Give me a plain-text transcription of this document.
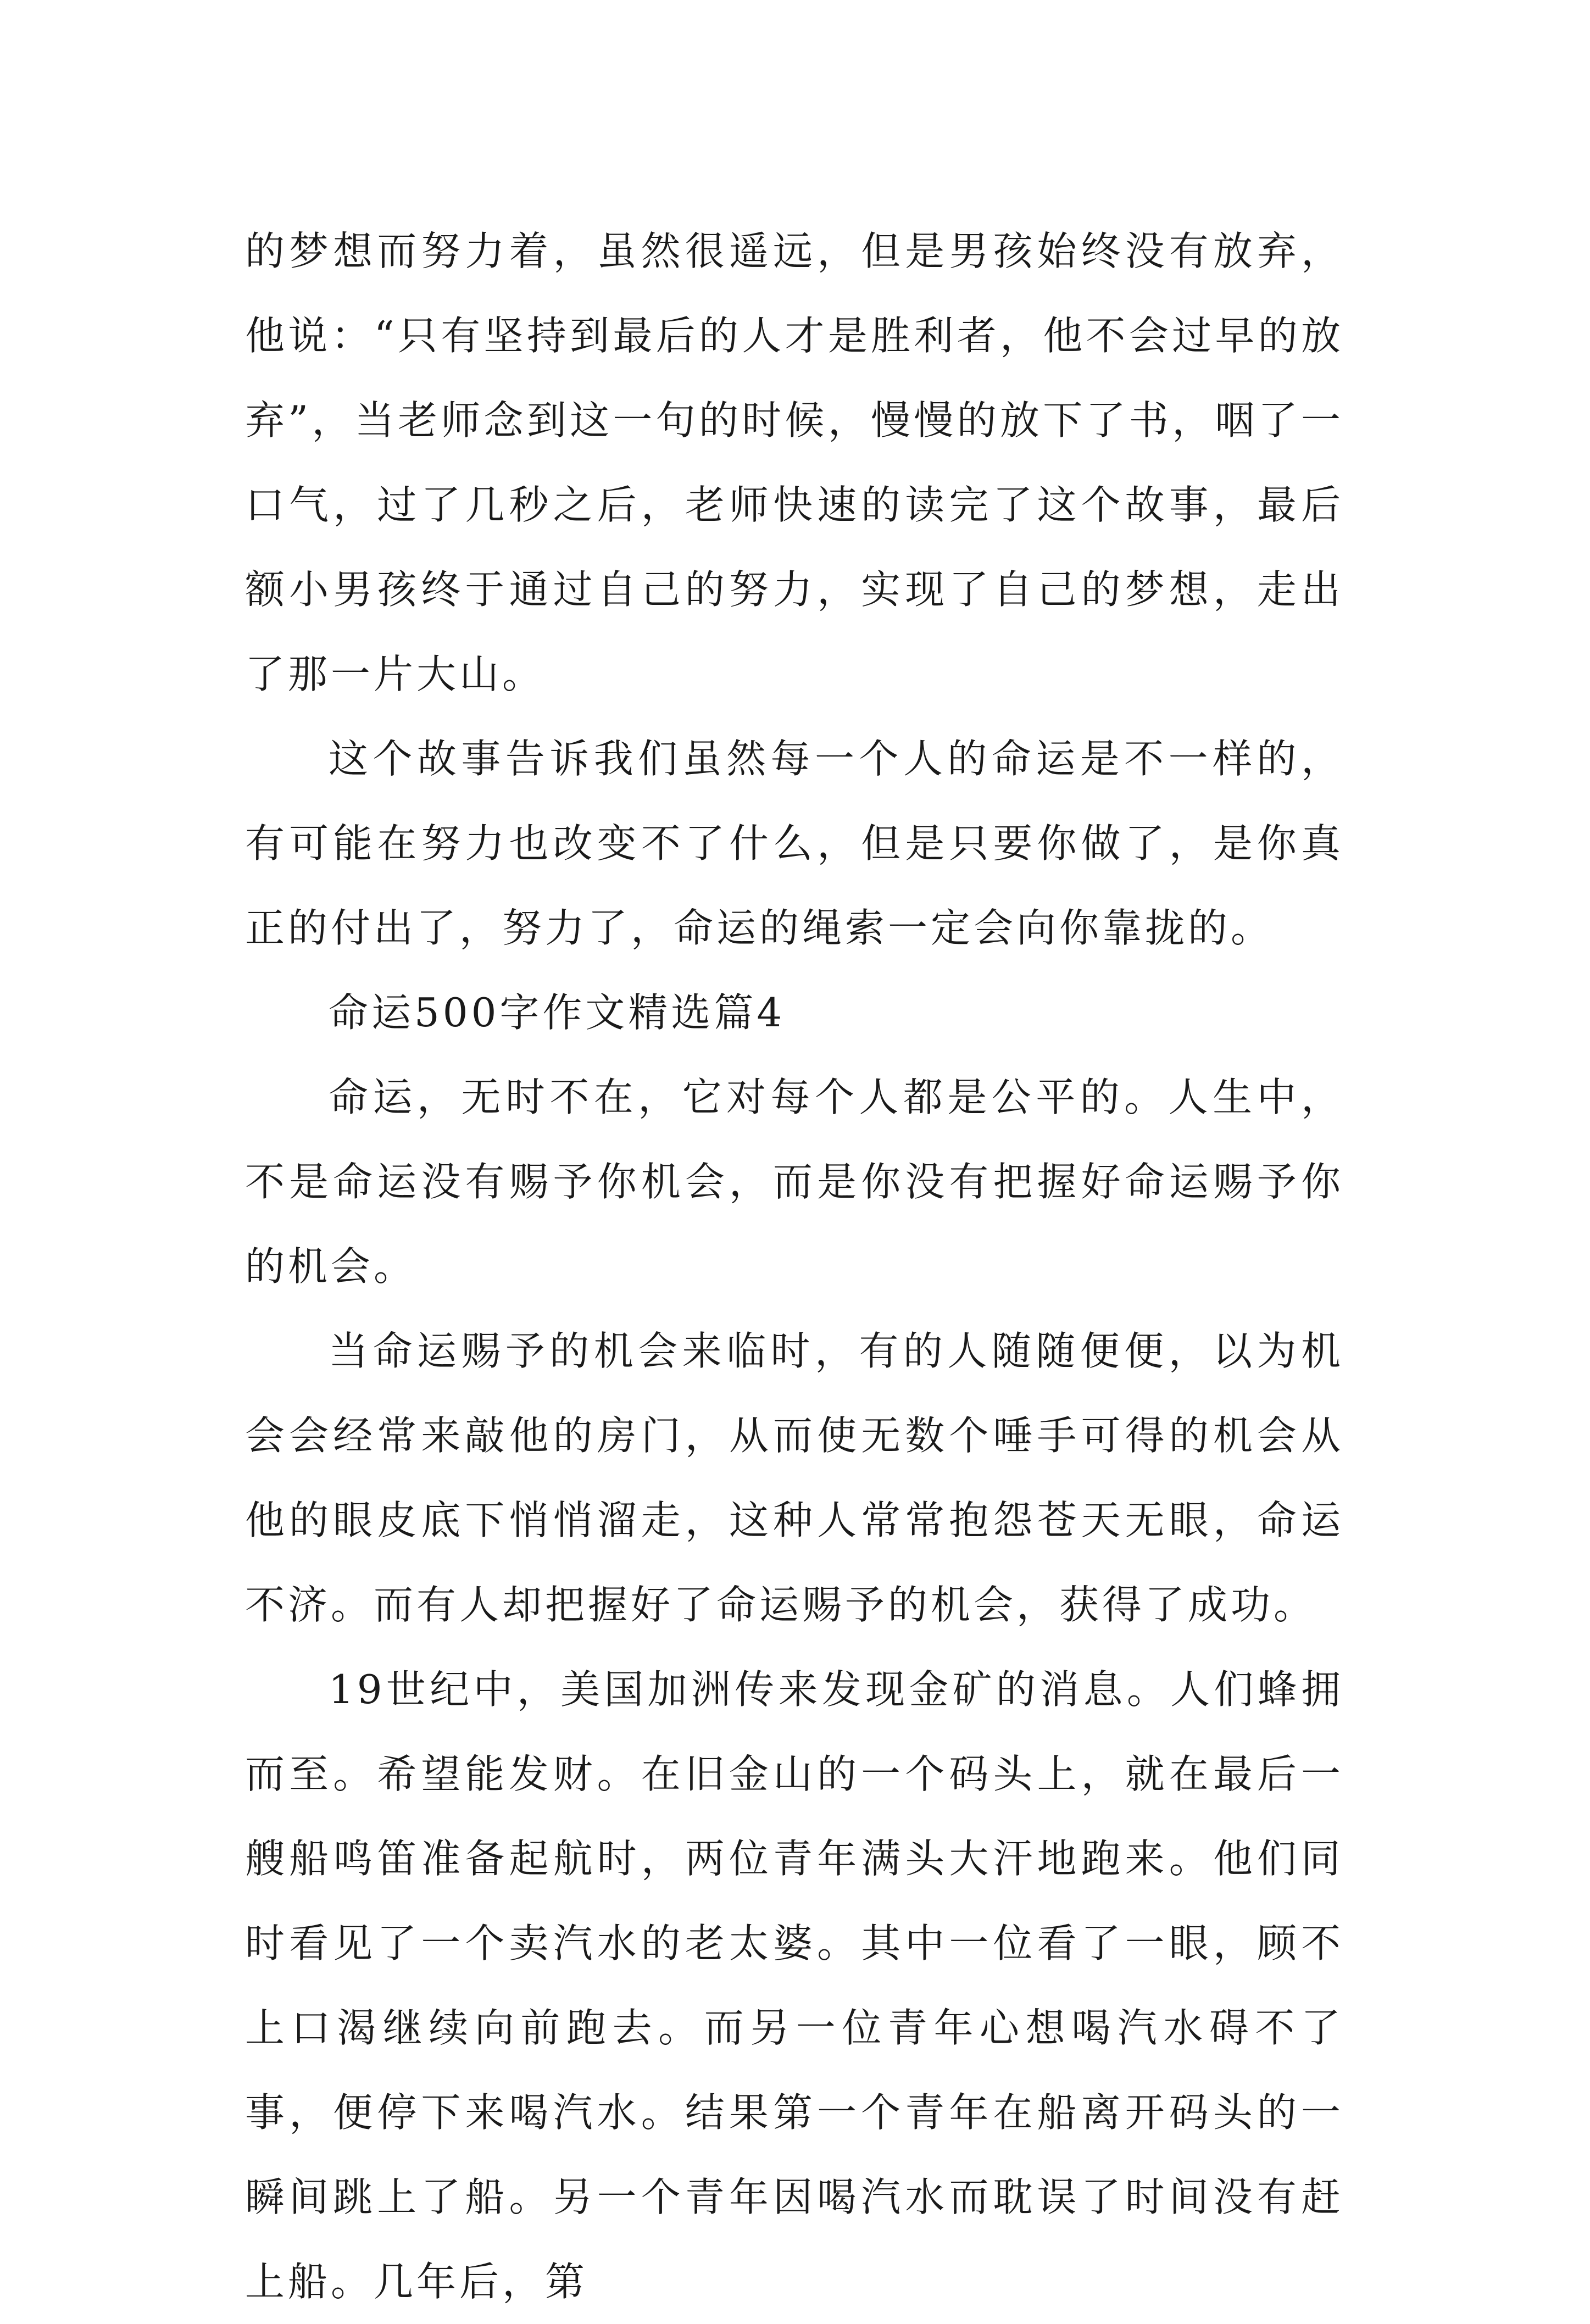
的梦想而努力着，虽然很遥远，但是男孩始终没有放弃，他说：“只有坚持到最后的人才是胜利者，他不会过早的放弃”，当老师念到这一句的时候，慢慢的放下了书，咽了一口气，过了几秒之后，老师快速的读完了这个故事，最后额小男孩终于通过自己的努力，实现了自己的梦想，走出了那一片大山。

这个故事告诉我们虽然每一个人的命运是不一样的，有可能在努力也改变不了什么，但是只要你做了，是你真正的付出了，努力了，命运的绳索一定会向你靠拢的。

命运500字作文精选篇4

命运，无时不在，它对每个人都是公平的。人生中，不是命运没有赐予你机会，而是你没有把握好命运赐予你的机会。

当命运赐予的机会来临时，有的人随随便便，以为机会会经常来敲他的房门，从而使无数个唾手可得的机会从他的眼皮底下悄悄溜走，这种人常常抱怨苍天无眼，命运不济。而有人却把握好了命运赐予的机会，获得了成功。

19世纪中，美国加洲传来发现金矿的消息。人们蜂拥而至。希望能发财。在旧金山的一个码头上，就在最后一艘船鸣笛准备起航时，两位青年满头大汗地跑来。他们同时看见了一个卖汽水的老太婆。其中一位看了一眼，顾不上口渴继续向前跑去。而另一位青年心想喝汽水碍不了事，便停下来喝汽水。结果第一个青年在船离开码头的一瞬间跳上了船。另一个青年因喝汽水而耽误了时间没有赶上船。几年后，第
